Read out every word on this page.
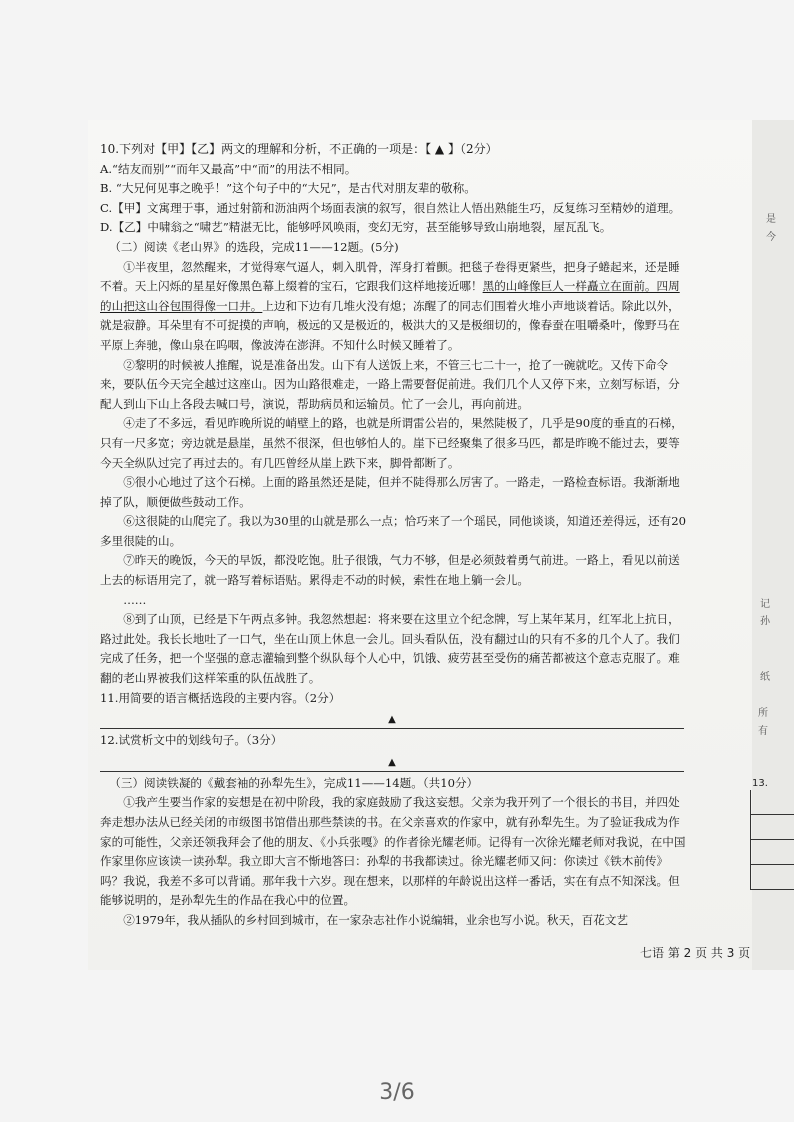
是
今
记
孙
纸
所
有
13.

10.下列对【甲】【乙】两文的理解和分析，不正确的一项是：【 ▲ 】（2分）

A.“结友而别”“而年又最高”中“而”的用法不相同。

B. “大兄何见事之晚乎！”这个句子中的“大兄”，是古代对朋友辈的敬称。

C.【甲】文寓理于事，通过射箭和沥油两个场面表演的叙写，很自然让人悟出熟能生巧，反复练习至精妙的道理。

D.【乙】中啸翁之“啸艺”精湛无比，能够呼风唤雨，变幻无穷，甚至能够导致山崩地裂，屋瓦乱飞。

（二）阅读《老山界》的选段，完成11——12题。(5分)

①半夜里，忽然醒来，才觉得寒气逼人，刺入肌骨，浑身打着颤。把毯子卷得更紧些，把身子蜷起来，还是睡不着。天上闪烁的星星好像黑色幕上缀着的宝石，它跟我们这样地接近哪！黑的山峰像巨人一样矗立在面前。四周的山把这山谷包围得像一口井。上边和下边有几堆火没有熄；冻醒了的同志们围着火堆小声地谈着话。除此以外，就是寂静。耳朵里有不可捉摸的声响，极远的又是极近的，极洪大的又是极细切的，像春蚕在咀嚼桑叶，像野马在平原上奔驰，像山泉在呜咽，像波涛在澎湃。不知什么时候又睡着了。

②黎明的时候被人推醒，说是准备出发。山下有人送饭上来，不管三七二十一，抢了一碗就吃。又传下命令来，要队伍今天完全越过这座山。因为山路很难走，一路上需要督促前进。我们几个人又停下来，立刻写标语，分配人到山下山上各段去喊口号，演说，帮助病员和运输员。忙了一会儿，再向前进。

④走了不多远，看见昨晚所说的峭壁上的路，也就是所谓雷公岩的，果然陡极了，几乎是90度的垂直的石梯，只有一尺多宽；旁边就是悬崖，虽然不很深，但也够怕人的。崖下已经聚集了很多马匹，都是昨晚不能过去，要等今天全纵队过完了再过去的。有几匹曾经从崖上跌下来，脚骨都断了。

⑤很小心地过了这个石梯。上面的路虽然还是陡，但并不陡得那么厉害了。一路走，一路检查标语。我渐渐地掉了队，顺便做些鼓动工作。

⑥这很陡的山爬完了。我以为30里的山就是那么一点；恰巧来了一个瑶民，同他谈谈，知道还差得远，还有20多里很陡的山。

⑦昨天的晚饭，今天的早饭，都没吃饱。肚子很饿，气力不够，但是必须鼓着勇气前进。一路上，看见以前送上去的标语用完了，就一路写着标语贴。累得走不动的时候，索性在地上躺一会儿。

……

⑧到了山顶，已经是下午两点多钟。我忽然想起：将来要在这里立个纪念牌，写上某年某月，红军北上抗日，路过此处。我长长地吐了一口气，坐在山顶上休息一会儿。回头看队伍，没有翻过山的只有不多的几个人了。我们完成了任务，把一个坚强的意志灌输到整个纵队每个人心中，饥饿、疲劳甚至受伤的痛苦都被这个意志克服了。难翻的老山界被我们这样笨重的队伍战胜了。

11.用简要的语言概括选段的主要内容。（2分）

▲

12.试赏析文中的划线句子。（3分）

▲

（三）阅读铁凝的《戴套袖的孙犁先生》，完成11——14题。（共10分）

①我产生要当作家的妄想是在初中阶段，我的家庭鼓励了我这妄想。父亲为我开列了一个很长的书目，并四处奔走想办法从已经关闭的市级图书馆借出那些禁读的书。在父亲喜欢的作家中，就有孙犁先生。为了验证我成为作家的可能性，父亲还领我拜会了他的朋友、《小兵张嘎》的作者徐光耀老师。记得有一次徐光耀老师对我说，在中国作家里你应该读一读孙犁。我立即大言不惭地答曰：孙犁的书我都读过。徐光耀老师又问：你读过《铁木前传》吗？我说，我差不多可以背诵。那年我十六岁。现在想来，以那样的年龄说出这样一番话，实在有点不知深浅。但能够说明的，是孙犁先生的作品在我心中的位置。

②1979年，我从插队的乡村回到城市，在一家杂志社作小说编辑，业余也写小说。秋天，百花文艺

七语 第 2 页 共 3 页
3/6
